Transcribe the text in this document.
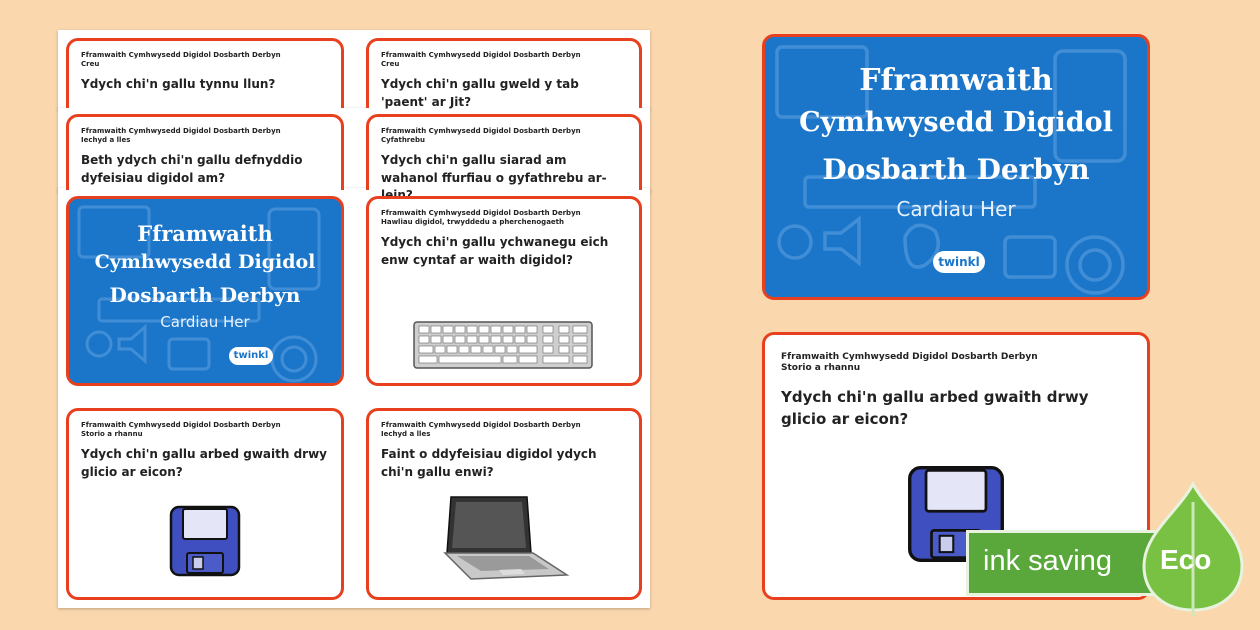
Fframwaith Cymhwysedd Digidol Dosbarth Derbyn
Creu
Ydych chi'n gallu tynnu llun?
Fframwaith Cymhwysedd Digidol Dosbarth Derbyn
Creu
Ydych chi'n gallu gweld y tab 'paent' ar Jit?
Fframwaith Cymhwysedd Digidol Dosbarth Derbyn
Iechyd a lles
Beth ydych chi'n gallu defnyddio dyfeisiau digidol am?
Fframwaith Cymhwysedd Digidol Dosbarth Derbyn
Cyfathrebu
Ydych chi'n gallu siarad am wahanol ffurfiau o gyfathrebu ar-
Fframwaith
Cymhwysedd Digidol
Dosbarth Derbyn
Cardiau Her
twinkl
Fframwaith Cymhwysedd Digidol Dosbarth Derbyn
Hawliau digidol, trwyddedu a pherchenogaeth
Ydych chi'n gallu ychwanegu eich enw cyntaf ar waith digidol?
Fframwaith Cymhwysedd Digidol Dosbarth Derbyn
Storio a rhannu
Ydych chi'n gallu arbed gwaith drwy glicio ar eicon?
Fframwaith Cymhwysedd Digidol Dosbarth Derbyn
Iechyd a lles
Faint o ddyfeisiau digidol ydych chi'n gallu enwi?
Fframwaith
Cymhwysedd Digidol
Dosbarth Derbyn
Cardiau Her
twinkl
Fframwaith Cymhwysedd Digidol Dosbarth Derbyn
Storio a rhannu
Ydych chi'n gallu arbed gwaith drwy glicio ar eicon?
ink saving Eco
